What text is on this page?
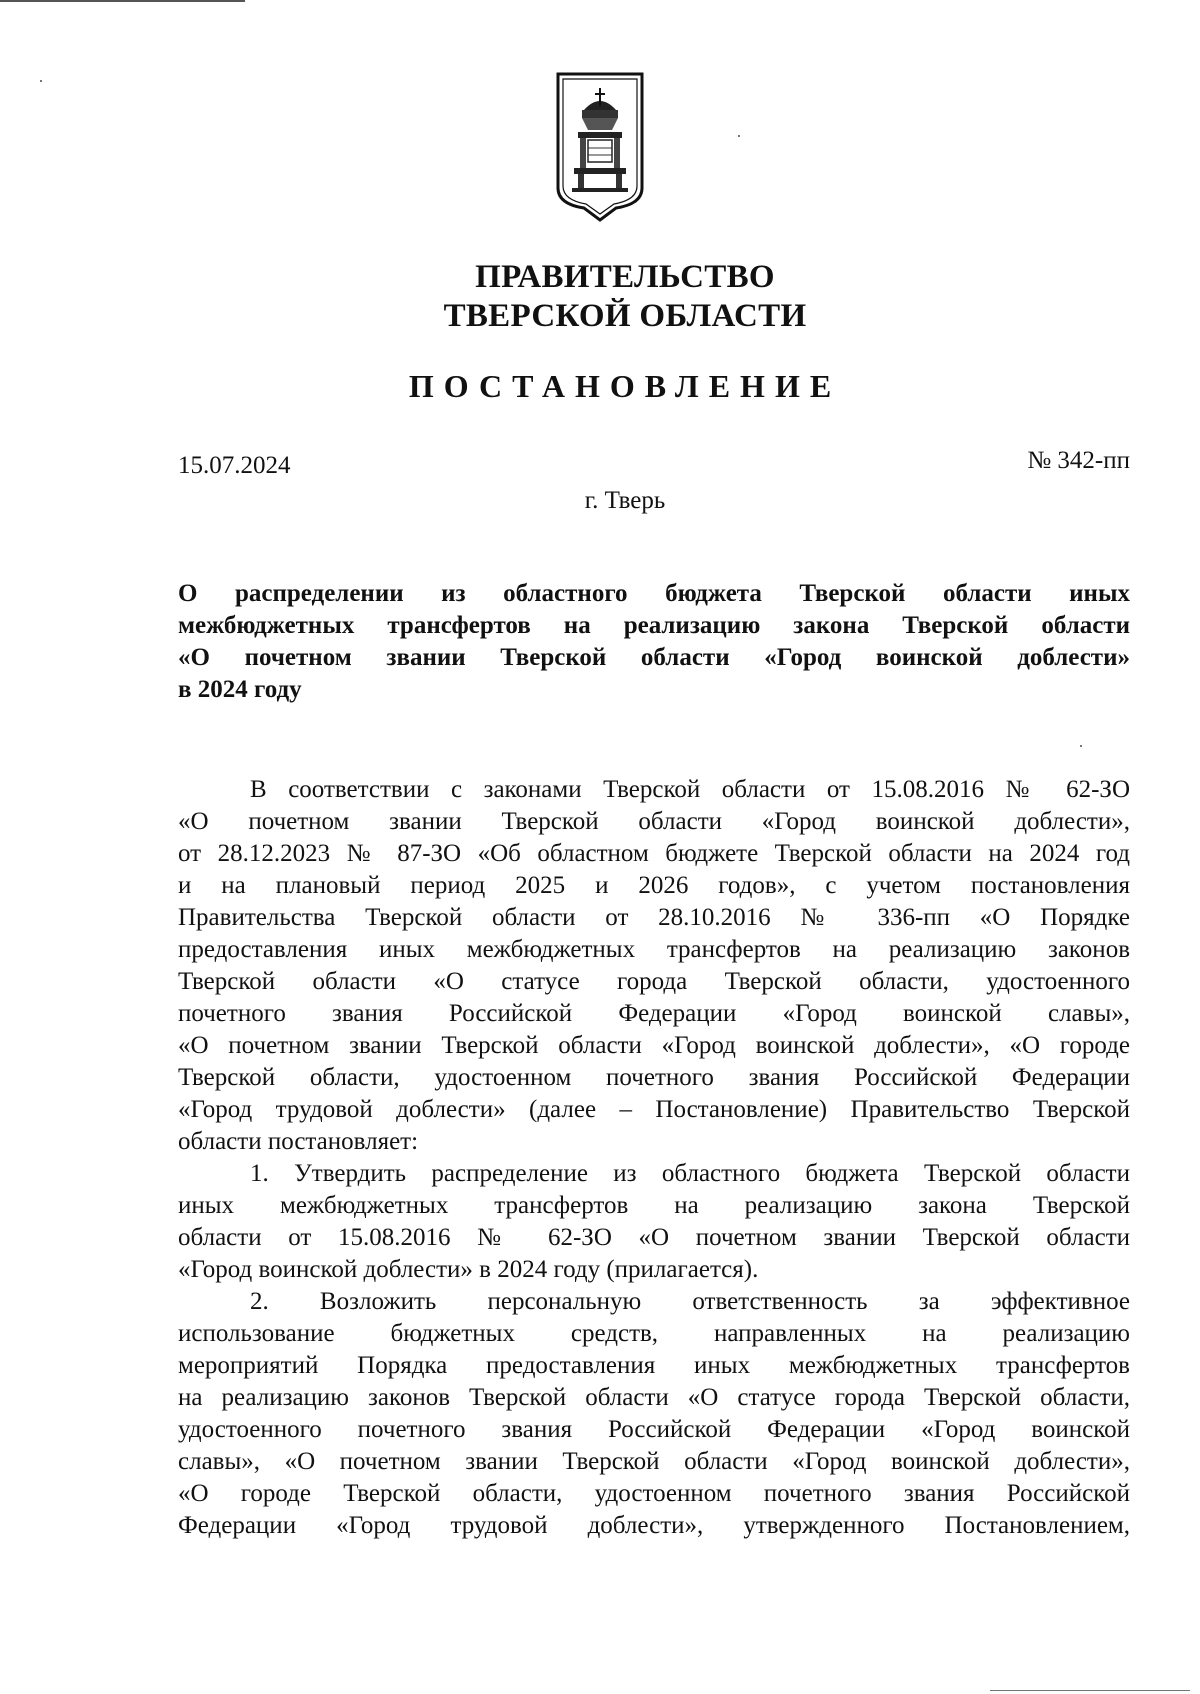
ПРАВИТЕЛЬСТВО
ТВЕРСКОЙ ОБЛАСТИ
ПОСТАНОВЛЕНИЕ
15.07.2024	№ 342-пп
г. Тверь
О распределении из областного бюджета Тверской области иных
межбюджетных трансфертов на реализацию закона Тверской области
«О почетном звании Тверской области «Город воинской доблести»
в 2024 году
В соответствии с законами Тверской области от 15.08.2016 № 62-ЗО
«О почетном звании Тверской области «Город воинской доблести»,
от 28.12.2023 № 87-ЗО «Об областном бюджете Тверской области на 2024 год
и на плановый период 2025 и 2026 годов», с учетом постановления
Правительства Тверской области от 28.10.2016 № 336-пп «О Порядке
предоставления иных межбюджетных трансфертов на реализацию законов
Тверской области «О статусе города Тверской области, удостоенного
почетного звания Российской Федерации «Город воинской славы»,
«О почетном звании Тверской области «Город воинской доблести», «О городе
Тверской области, удостоенном почетного звания Российской Федерации
«Город трудовой доблести» (далее – Постановление) Правительство Тверской
области постановляет:
1. Утвердить распределение из областного бюджета Тверской области
иных межбюджетных трансфертов на реализацию закона Тверской
области от 15.08.2016 № 62-ЗО «О почетном звании Тверской области
«Город воинской доблести» в 2024 году (прилагается).
2. Возложить персональную ответственность за эффективное
использование бюджетных средств, направленных на реализацию
мероприятий Порядка предоставления иных межбюджетных трансфертов
на реализацию законов Тверской области «О статусе города Тверской области,
удостоенного почетного звания Российской Федерации «Город воинской
славы», «О почетном звании Тверской области «Город воинской доблести»,
«О городе Тверской области, удостоенном почетного звания Российской
Федерации «Город трудовой доблести», утвержденного Постановлением,
